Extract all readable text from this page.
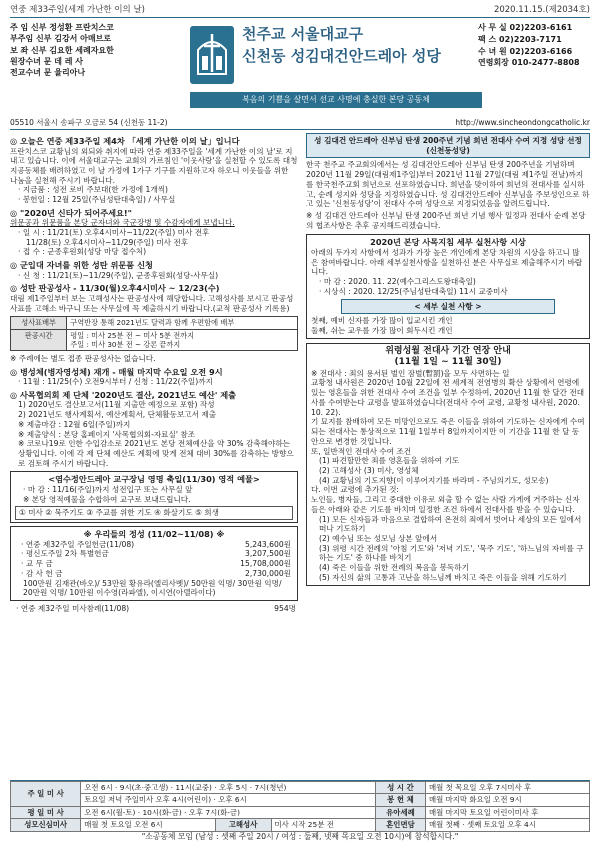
연중 제33주일(세계 가난한 이의 날)	2020.11.15.(제2034호)
주 임 신부 정성환 프란치스코
부주임 신부 김강서 아매브로
보 좌 신부 김요한 세례자요한
원장수녀 문 데 레 사
전교수녀 문 율리아나
천주교 서울대교구
신천동 성김대건안드레아 성당
복음의 기쁨을 살면서 선교 사명에 충실한 본당 공동체
사 무 실 02)2203-6161
팩 스 02)2203-7171
수 녀 원 02)2203-6166
연령회장 010-2477-8808
05510 서울시 송파구 오금로 54 (신천동 11-2)	http://www.sincheondongcatholic.kr

◎ 오늘은 연중 제33주일 제4차 「세계 가난한 이의 날」입니다

프란치스코 교황님의 외되와 취지에 따라 연중 제33주일을 '세계 가난한 이의 날'로 지내고 있습니다. 이에 서울대교구는 교회의 가르침인 '이웃사랑'을 실천할 수 있도록 대청지공동체를 배려하였고 이 날 가정에 1가구 기구를 지원하고자 하오니 이웃들을 위한 나눔을 실천해 주시기 바랍니다.

· 지금품 : 성전 로비 주보대(한 가정에 1개씩)

· 봉헌일 : 12월 25일(주님성탄대축일) / 사무실

◎ "2020년 신타가 되어주세요!"

위문공과 위문품을 본당 군자녀와 국군장병 및 수감자에게 보냅니다.

· 일 시 : 11/21(토) 오후4시미사~11/22(주일) 미사 전후

11/28(토) 오후4시미사~11/29(주일) 미사 전후

· 접 수 : 군종후원회(성당 마당 접수처)

◎ 군입대 자녀를 위한 성탄 위문품 신청

· 신 청 : 11/21(토)~11/29(주일), 군종후원회(성당-사무실)

◎ 성탄 판공성사 - 11/30(월)오후4시미사 ~ 12/23(수)

대림 제1주일부터 보는 고해성사는 판공성사에 해당합니다. 고해성사를 보시고 판공성사표를 고해소 바구니 또는 사무실에 꼭 제출하시기 바랍니다.(교적 판공성사 기록용)

성사표배부	구역반장 통해 2021년도 달력과 함께 우편함에 배부
판공시간	평일 : 미사 25분 전 ~ 미사 5분 전까지
주일 : 미사 30분 전 ~ 강론 끝까지

※ 주례에는 별도 접종 판공성사는 없습니다.

◎ 병성체(병자영성체) 재개 - 매월 마지막 수요일 오전 9시

· 11월 : 11/25(수) 오전9시부터 / 신청 : 11/22(주일)까지

◎ 사목협의회 제 단체 '2020년도 결산, 2021년도 예산' 제출

1) 2020년도 결산보고서(11월 지출만 예정으로 포함) 작성

2) 2021년도 행사계획서, 예산계획서, 단체활동보고서 제출

※ 제출마감 : 12월 6일(주일)까지

※ 제출양식 : 본당 홈페이지 '사목협의회-자료실' 참조

※ 코로나19로 인한 수입감소로 2021년도 본당 전체예산을 약 30% 감축해야하는 상황입니다. 이에 각 제 단체 예산도 계획에 맞게 전체 대비 30%를 감축하는 방향으로 검토해 주시기 바랍니다.

<염수정안드레아 교구장님 영명 축일(11/30) 영적 예물>

· 마 감 : 11/16(주일)까지 성전입구 또는 사무실 앞

※ 본당 영적예물을 수합하여 교구로 보내드립니다.

① 미사 ② 묵주기도 ③ 주교를 위한 기도 ④ 화살기도 ⑤ 희생

※ 우리들의 정성 (11/02~11/08) ※

· 연중 제32주일 주일헌금(11/08)	5,243,600원
· 평신도주일 2차 특별헌금	3,207,500원
· 교 무 금	15,708,000원
· 감 사 헌 금	2,730,000원

100만원 김재관(바오)/ 53만원 황유라(엘리사벳)/ 50만원 익명/ 30만원 익명/ 20만원 익명/ 10만원 이수영(라파엘), 이시연(아델라이다)

· 연중 제32주일 미사참례(11/08)	954명
성 김대건 안드레아 신부님 탄생 200주년 기념 희년 전대사 수여 지정 성당 선정(신천동성당)

한국 천주교 주교회의에서는 성 김대건안드레아 신부님 탄생 200주년을 기념하며 2020년 11월 29일(대림제1주일)부터 2021년 11월 27일(대림 제1주일 전날)까지를 한국천주교회 희년으로 선포하였습니다. 희년을 맞이하여 희년의 전대사를 실시하고, 순례 성지와 성당을 지정하였습니다. 성 김대건안드레아 신부님을 주보성인으로 하고 있는 '신천동성당'이 전대사 수여 성당으로 지정되었음을 알려드립니다.

※ 성 김대건 안드레아 신부님 탄생 200주년 희년 기념 행사 일정과 전대사 순례 본당의 협조사항은 추후 공지해드리겠습니다.

2020년 본당 사목지침 세부 실천사항 시상

아래의 두가지 사항에서 성과가 가장 높은 개인에게 본당 차원의 시상을 하고니 많은 참여바랍니다. 아래 세부실천사항을 실천하신 분은 사무실로 제출해주시기 바랍니다.

· 마 감 : 2020. 11. 22(예수그리스도왕대축일)

· 시상식 : 2020. 12/25(주님성탄대축일) 11시 교중미사

< 세부 실천 사항 >

첫째, 예비 신자를 가장 많이 입교시킨 개인

둘째, 쉬는 교우를 가장 많이 회두시킨 개인

위령성월 전대사 기간 연장 안내

(11월 1일 ~ 11월 30일)

※ 전대사 : 죄의 용서된 벌인 잠벌(暫罰)을 모두 사면하는 일

교황청 내사원은 2020년 10월 22일에 전 세계적 전염병의 확산 상황에서 연령에 있는 영혼들을 위한 전대사 수여 조건을 일부 수정하여, 2020년 11월 한 달간 전대사를 수여받는다 교령을 발표하였습니다(전대사 수여 교령, 교황청 내사원, 2020. 10. 22).

기 묘지를 참배하여 모든 미망인으로도 죽은 이들을 위하여 기도하는 신자에게 수여되는 전대사는 통상적으로 11월 1일부터 8일까지이지만 이 기간을 11월 한 달 동안으로 변경한 것입니다.

또, 일반적인 전대사 수여 조건

(1) 파견할만한 죄를 영혼들을 위하여 기도

(2) 고해성사 (3) 미사, 영성체

(4) 교황님의 기도지향(이 이루어지기를 바라며 - 주님의기도, 성모송)

다. 이번 교령에 추가된 것:

노인들, 병자들, 그리고 중대한 이유로 외출 할 수 없는 사람 가게에 거주하는 신자들은 아래와 같은 기도를 바치며 일정한 조건 하에서 전대사를 받을 수 있습니다.

(1) 모든 신자들과 마음으로 결합하여 온전히 죄에서 벗어나 세상의 모든 일에서 떠나 기도하기

(2) 예수님 또는 성모님 상본 앞에서

(3) 위령 시간 전례의 '아침 기도'와 '저녁 기도', '묵주 기도', '하느님의 자비를 구하는 기도' 중 하나를 바치기

(4) 죽은 이들을 위한 전례의 복음을 봉독하기

(5) 자신의 삶의 고통과 고난을 하느님께 바치고 죽은 이들을 위해 기도하기

주 일 미 사	오전 6시 · 9시(초·중고생) · 11시(교중) · 오후 5시 · 7시(청년)			성 시 간	매월 첫 목요일 오후 7시미사 후
	토요일 저녁 주일미사 오후 4시(어린이) · 오후 6시			봉 헌 체	매월 마지막 화요일 오전 9시
평 일 미 사	오전 6시(월-토) · 10시(화-금) · 오후 7시(화-금)			유아세례	매월 마지막 토요일 어린이미사 후
성모신심미사	매월 첫 토요일 오전 6시	고해성사	미사 시작 25분 전	혼인면담	매월 첫째 · 셋째 토요일 오후 4시
"소공동체 모임 (남성 : 셋째 주일 20시 / 여성 : 둘째, 넷째 목요일 오전 10시)에 참석합시다."
